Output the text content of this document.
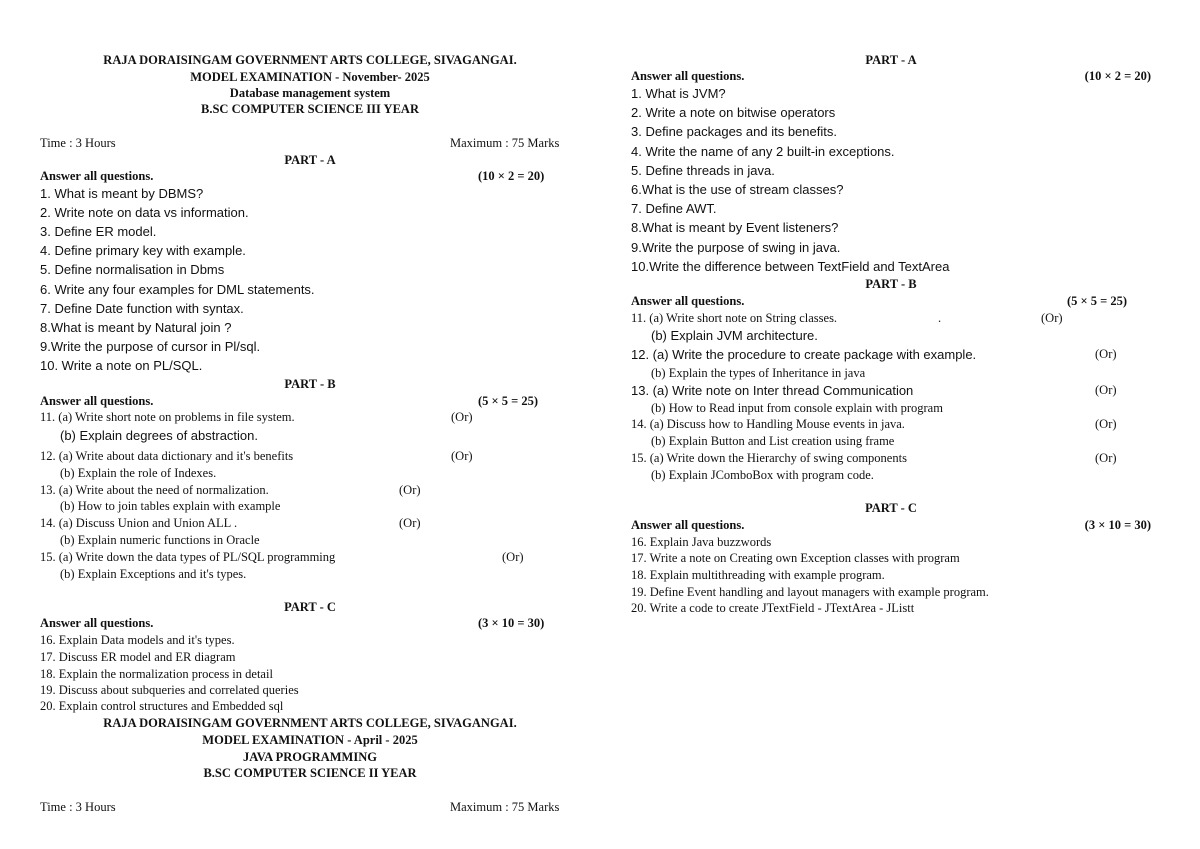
RAJA DORAISINGAM GOVERNMENT ARTS COLLEGE, SIVAGANGAI.
MODEL EXAMINATION - November- 2025
Database management system
B.SC COMPUTER SCIENCE III YEAR
Time : 3 Hours	Maximum : 75 Marks
PART - A
Answer all questions.	(10 × 2 = 20)
1. What is meant by DBMS?
2. Write note on data vs information.
3. Define ER model.
4. Define primary key with example.
5. Define normalisation in Dbms
6. Write any four examples for DML statements.
7. Define Date function with syntax.
8.What is meant by Natural join ?
9.Write the purpose of cursor in Pl/sql.
10. Write a note on PL/SQL.
PART - B
Answer all questions.	(5 × 5 = 25)
11. (a) Write short note on problems in file system.	(Or)
(b) Explain degrees of abstraction.
12. (a) Write about data dictionary and it's benefits	(Or)
(b) Explain the role of Indexes.
13. (a) Write about the need of normalization.	(Or)
(b) How to join tables explain with example
14. (a) Discuss Union and Union ALL .	(Or)
(b) Explain numeric functions in Oracle
15. (a) Write down the data types of PL/SQL programming	(Or)
(b) Explain Exceptions and it's types.
PART - C
Answer all questions.	(3 × 10 = 30)
16. Explain Data models and it's types.
17. Discuss ER model and ER diagram
18. Explain the normalization process in detail
19. Discuss about subqueries and correlated queries
20. Explain control structures and Embedded sql
RAJA DORAISINGAM GOVERNMENT ARTS COLLEGE, SIVAGANGAI.
MODEL EXAMINATION - April - 2025
JAVA PROGRAMMING
B.SC COMPUTER SCIENCE II YEAR
Time : 3 Hours	Maximum : 75 Marks
PART - A
Answer all questions.	(10 × 2 = 20)
1. What is JVM?
2. Write a note on bitwise operators
3. Define packages and its benefits.
4. Write the name of any 2 built-in exceptions.
5. Define threads in java.
6.What is the use of stream classes?
7. Define AWT.
8.What is meant by Event listeners?
9.Write the purpose of swing in java.
10.Write the difference between TextField and TextArea
PART - B
Answer all questions.	(5 × 5 = 25)
11. (a) Write short note on String classes.	.	(Or)
(b) Explain JVM architecture.
12. (a) Write the procedure to create package with example.	(Or)
(b) Explain the types of Inheritance in java
13. (a) Write note on Inter thread Communication	(Or)
(b) How to Read input from console explain with program
14. (a) Discuss how to Handling Mouse events in java.	(Or)
(b) Explain Button and List creation using frame
15. (a) Write down the Hierarchy of swing components	(Or)
(b) Explain JComboBox with program code.
PART - C
Answer all questions.	(3 × 10 = 30)
16. Explain Java buzzwords
17. Write a note on Creating own Exception classes with program
18. Explain multithreading with example program.
19. Define Event handling and layout managers with example program.
20. Write a code to create JTextField - JTextArea - JListt
